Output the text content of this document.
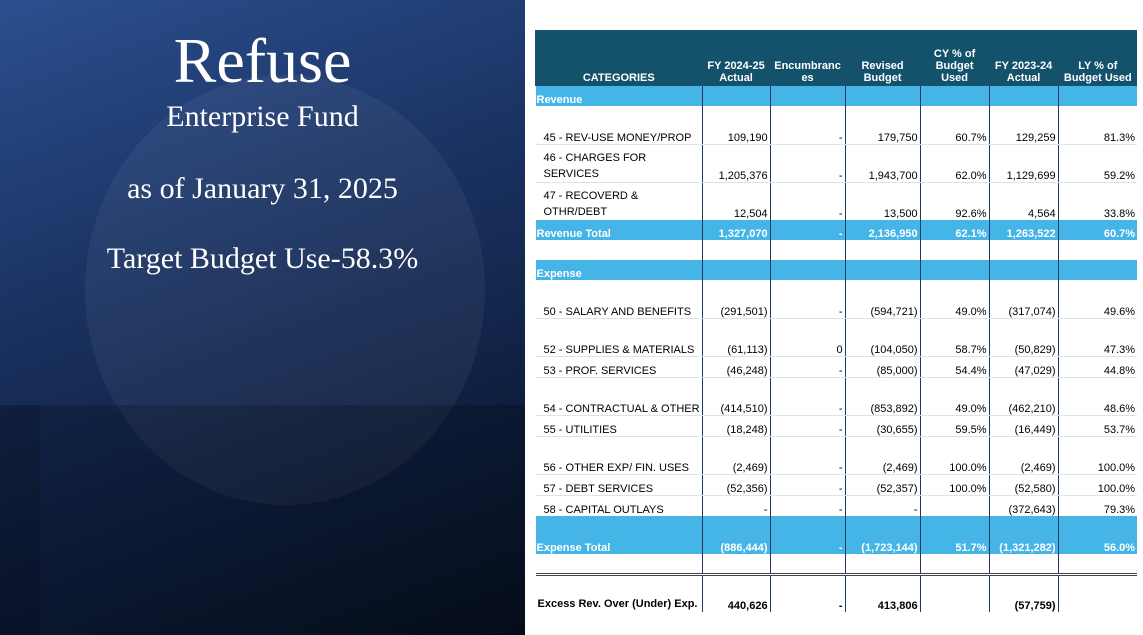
Refuse
Enterprise Fund
as of January 31, 2025
Target Budget Use-58.3%
CATEGORIES	FY 2024-25 Actual	Encumbranc es	Revised Budget	CY % of Budget Used	FY 2023-24 Actual	LY % of Budget Used
Revenue						

45 - REV-USE MONEY/PROP	109,190	-	179,750	60.7%	129,259	81.3%
46 - CHARGES FOR SERVICES	1,205,376	-	1,943,700	62.0%	1,129,699	59.2%
47 - RECOVERD & OTHR/DEBT	12,504	-	13,500	92.6%	4,564	33.8%
Revenue Total	1,327,070	-	2,136,950	62.1%	1,263,522	60.7%

Expense						

50 - SALARY AND BENEFITS	(291,501)	-	(594,721)	49.0%	(317,074)	49.6%

52 - SUPPLIES & MATERIALS	(61,113)	0	(104,050)	58.7%	(50,829)	47.3%
53 - PROF. SERVICES	(46,248)	-	(85,000)	54.4%	(47,029)	44.8%

54 - CONTRACTUAL & OTHER	(414,510)	-	(853,892)	49.0%	(462,210)	48.6%
55 - UTILITIES	(18,248)	-	(30,655)	59.5%	(16,449)	53.7%

56 - OTHER EXP/ FIN. USES	(2,469)	-	(2,469)	100.0%	(2,469)	100.0%
57 - DEBT SERVICES	(52,356)	-	(52,357)	100.0%	(52,580)	100.0%
58 - CAPITAL OUTLAYS	-	-	-		(372,643)	79.3%
Expense Total	(886,444)	-	(1,723,144)	51.7%	(1,321,282)	56.0%

Excess Rev. Over (Under) Exp.	440,626	-	413,806		(57,759)	
